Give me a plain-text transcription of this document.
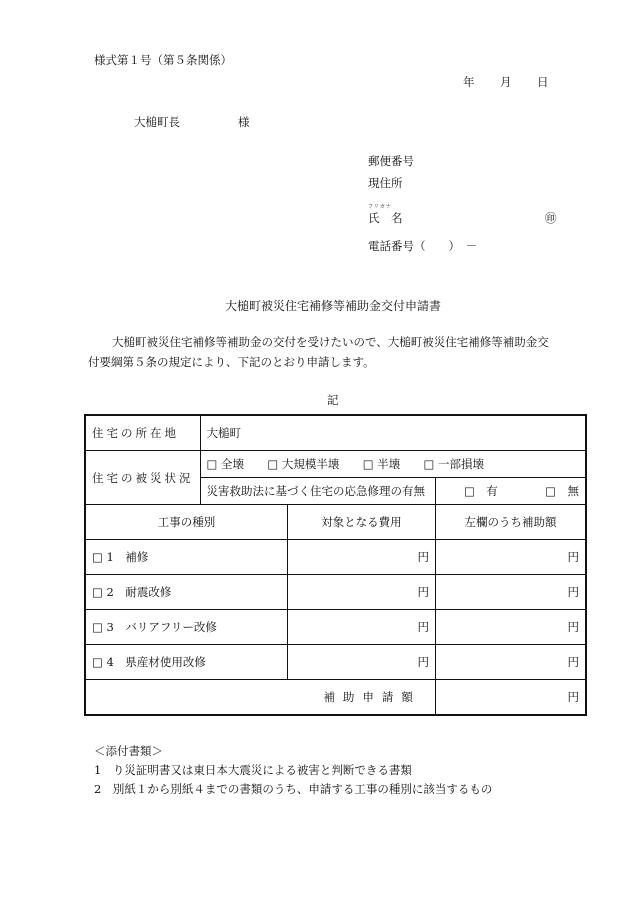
様式第１号（第５条関係）
年 月 日
大槌町長	様
郵便番号
現住所
フリガナ
氏　名	㊞
電話番号（　　）　－
大槌町被災住宅補修等補助金交付申請書
大槌町被災住宅補修等補助金の交付を受けたいので、大槌町被災住宅補修等補助金交
付要綱第５条の規定により、下記のとおり申請します。
記
住宅の所在地	大槌町		
住宅の被災状況	□ 全壊 □ 大規模半壊 □ 半壊 □ 一部損壊		
	災害救助法に基づく住宅の応急修理の有無		□　有 □　無
工事の種別		対象となる費用	左欄のうち補助額
□ 1　補修		円	円
□ 2　耐震改修		円	円
□ 3　バリアフリー改修		円	円
□ 4　県産材使用改修		円	円
補助申請額			円
＜添付書類＞
1　り災証明書又は東日本大震災による被害と判断できる書類
2　別紙１から別紙４までの書類のうち、申請する工事の種別に該当するもの
